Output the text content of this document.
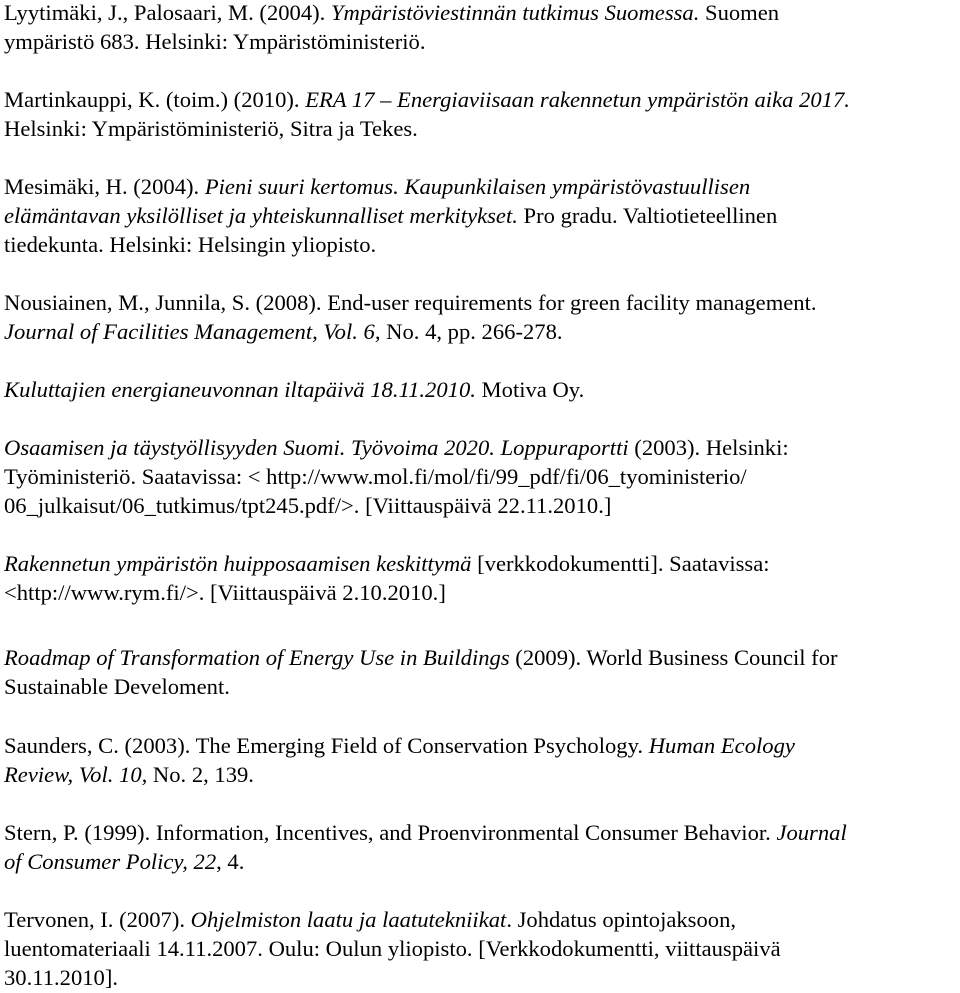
Lyytimäki, J., Palosaari, M. (2004). Ympäristöviestinnän tutkimus Suomessa. Suomen
ympäristö 683. Helsinki: Ympäristöministeriö.
Martinkauppi, K. (toim.) (2010). ERA 17 – Energiaviisaan rakennetun ympäristön aika 2017.
Helsinki: Ympäristöministeriö, Sitra ja Tekes.
Mesimäki, H. (2004). Pieni suuri kertomus. Kaupunkilaisen ympäristövastuullisen
elämäntavan yksilölliset ja yhteiskunnalliset merkitykset. Pro gradu. Valtiotieteellinen
tiedekunta. Helsinki: Helsingin yliopisto.
Nousiainen, M., Junnila, S. (2008). End-user requirements for green facility management.
Journal of Facilities Management, Vol. 6, No. 4, pp. 266-278.
Kuluttajien energianeuvonnan iltapäivä 18.11.2010. Motiva Oy.
Osaamisen ja täystyöllisyyden Suomi. Työvoima 2020. Loppuraportti (2003). Helsinki:
Työministeriö. Saatavissa: < http://www.mol.fi/mol/fi/99_pdf/fi/06_tyoministerio/
06_julkaisut/06_tutkimus/tpt245.pdf/>. [Viittauspäivä 22.11.2010.]
Rakennetun ympäristön huipposaamisen keskittymä [verkkodokumentti]. Saatavissa:
<http://www.rym.fi/>. [Viittauspäivä 2.10.2010.]
Roadmap of Transformation of Energy Use in Buildings (2009). World Business Council for
Sustainable Develoment.
Saunders, C. (2003). The Emerging Field of Conservation Psychology. Human Ecology
Review, Vol. 10, No. 2, 139.
Stern, P. (1999). Information, Incentives, and Proenvironmental Consumer Behavior. Journal
of Consumer Policy, 22, 4.
Tervonen, I. (2007). Ohjelmiston laatu ja laatutekniikat. Johdatus opintojaksoon,
luentomateriaali 14.11.2007. Oulu: Oulun yliopisto. [Verkkodokumentti, viittauspäivä
30.11.2010].
